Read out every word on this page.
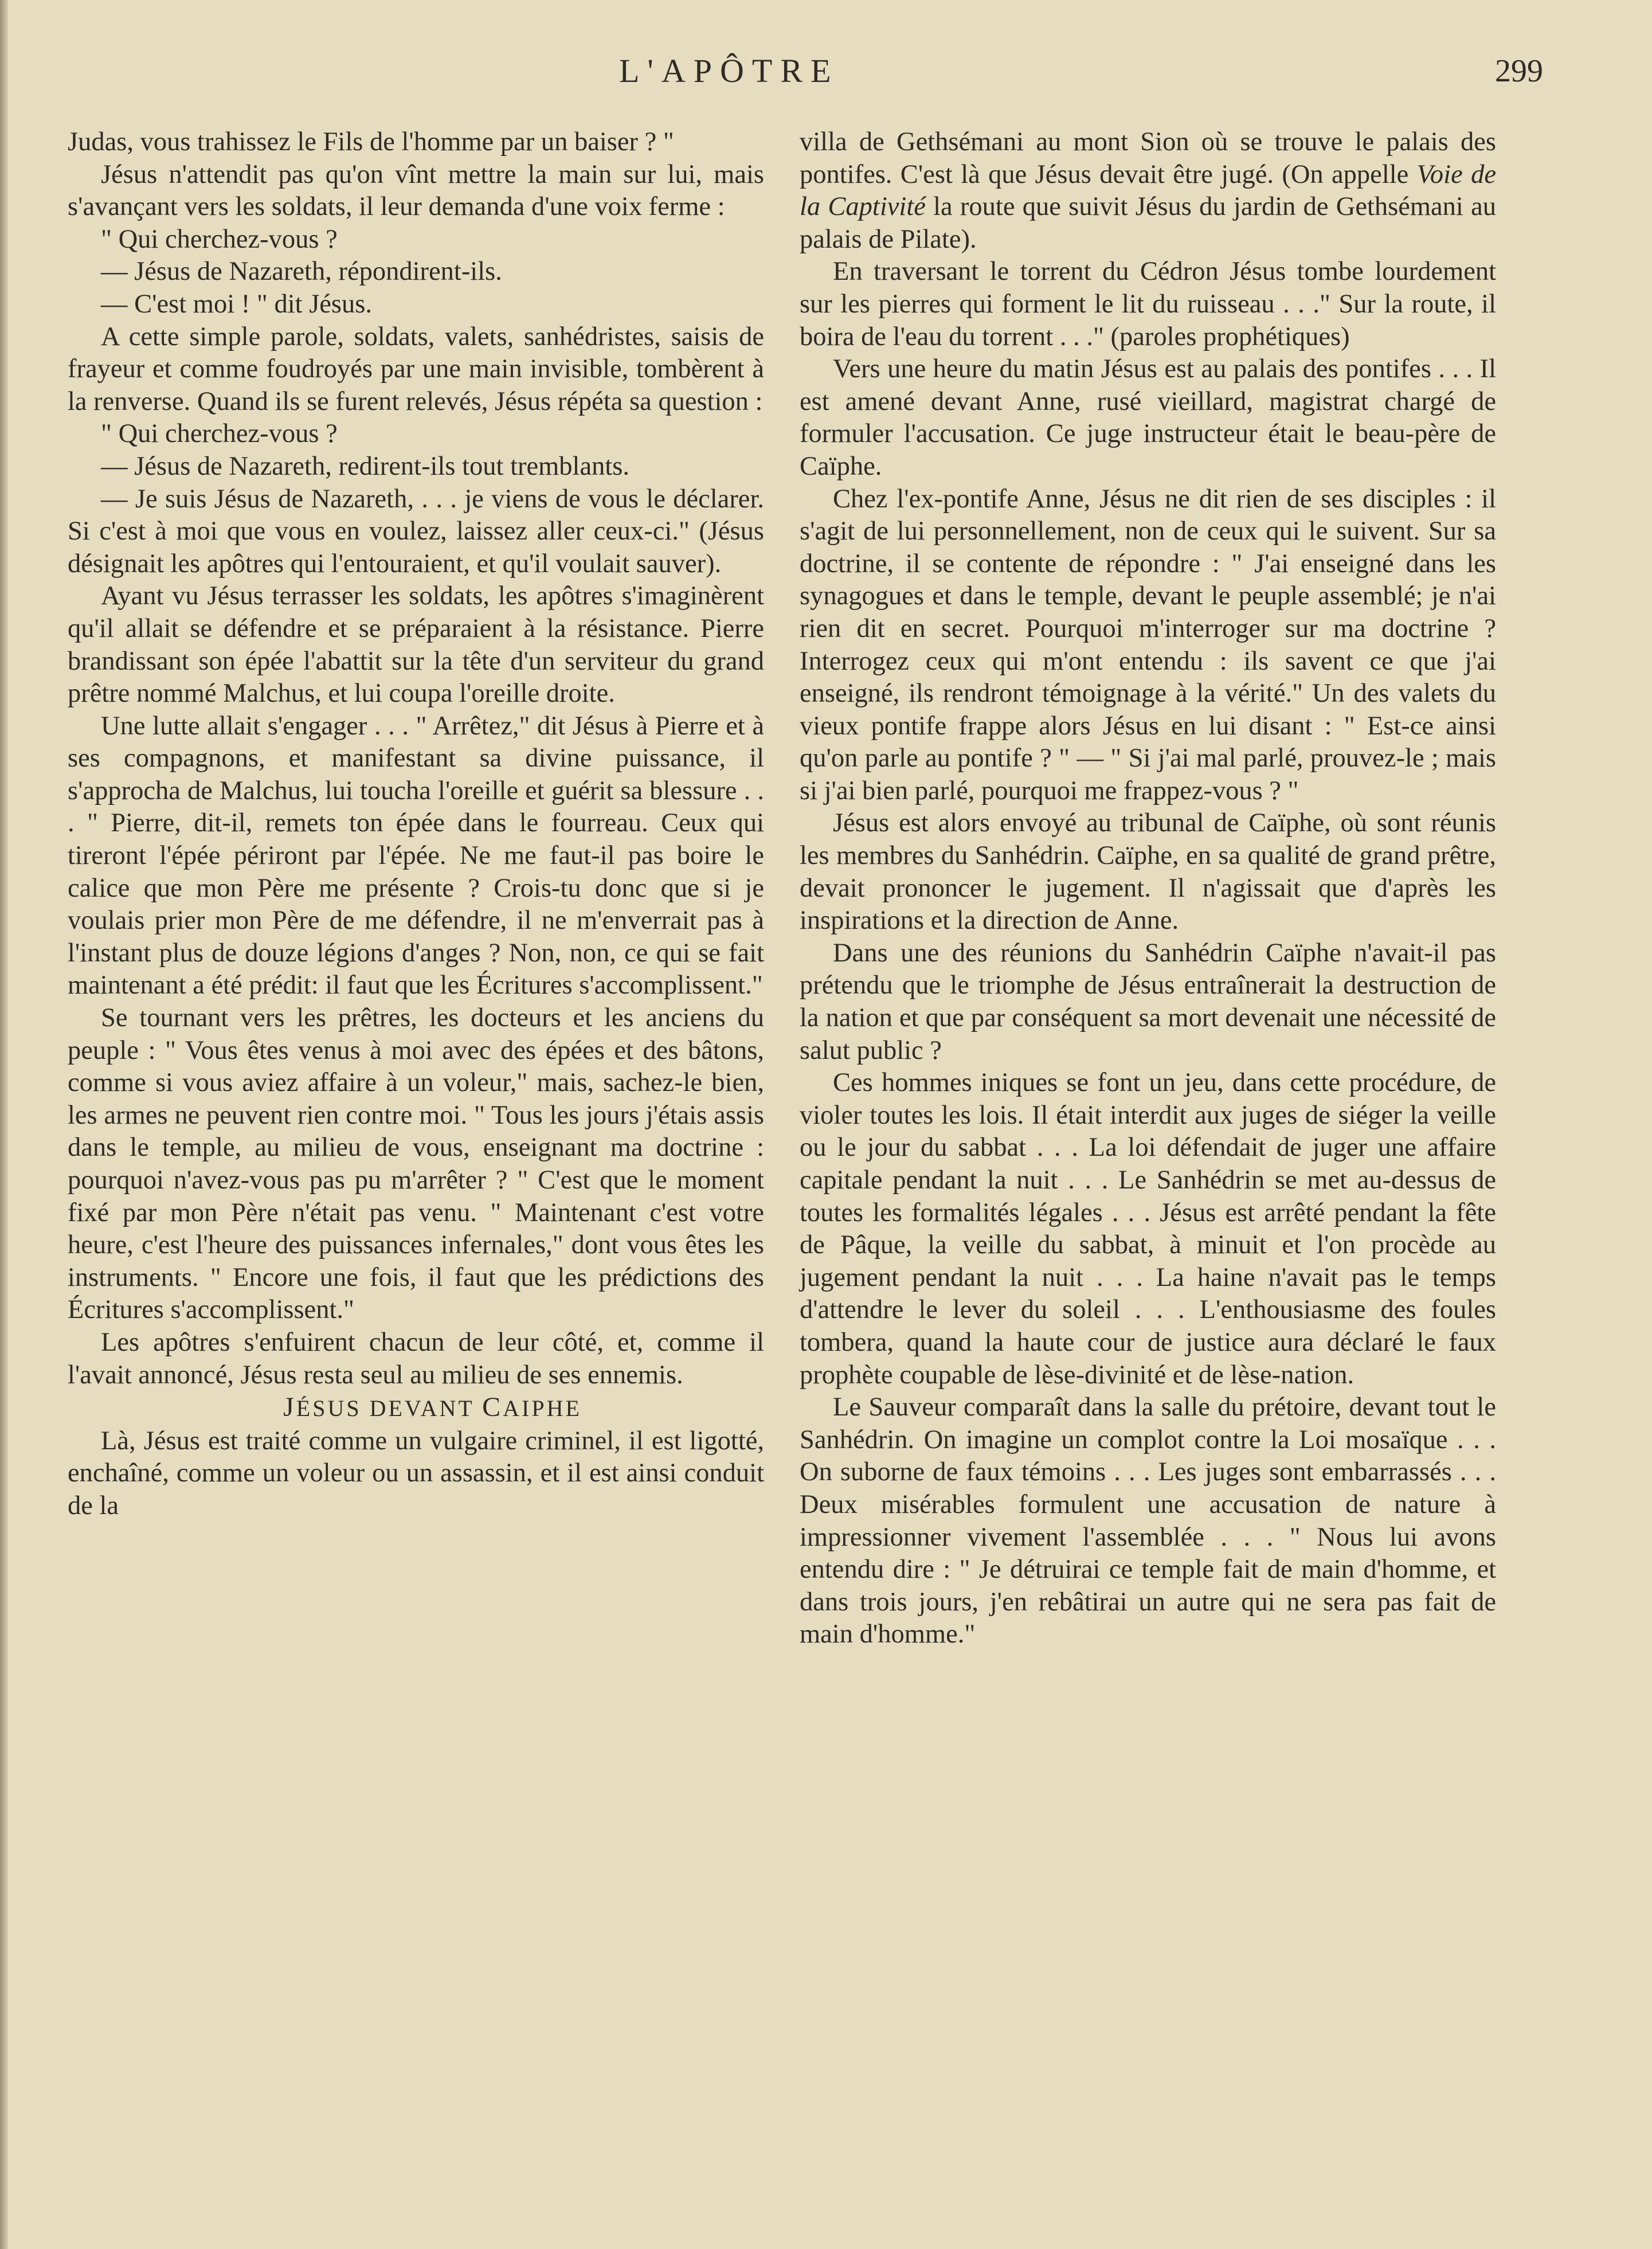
L'APÔTRE	299

Judas, vous trahissez le Fils de l'homme par un baiser ? "

Jésus n'attendit pas qu'on vînt mettre la main sur lui, mais s'avançant vers les soldats, il leur demanda d'une voix ferme :

" Qui cherchez-vous ?

— Jésus de Nazareth, répondirent-ils.

— C'est moi ! " dit Jésus.

A cette simple parole, soldats, valets, sanhédristes, saisis de frayeur et comme foudroyés par une main invisible, tombèrent à la renverse. Quand ils se furent relevés, Jésus répéta sa question :

" Qui cherchez-vous ?

— Jésus de Nazareth, redirent-ils tout tremblants.

— Je suis Jésus de Nazareth, . . . je viens de vous le déclarer. Si c'est à moi que vous en voulez, laissez aller ceux-ci." (Jésus désignait les apôtres qui l'entouraient, et qu'il voulait sauver).

Ayant vu Jésus terrasser les soldats, les apôtres s'imaginèrent qu'il allait se défendre et se préparaient à la résistance. Pierre brandissant son épée l'abattit sur la tête d'un serviteur du grand prêtre nommé Malchus, et lui coupa l'oreille droite.

Une lutte allait s'engager . . . " Arrêtez," dit Jésus à Pierre et à ses compagnons, et manifestant sa divine puissance, il s'approcha de Malchus, lui toucha l'oreille et guérit sa blessure . . . " Pierre, dit-il, remets ton épée dans le fourreau. Ceux qui tireront l'épée périront par l'épée. Ne me faut-il pas boire le calice que mon Père me présente ? Crois-tu donc que si je voulais prier mon Père de me défendre, il ne m'enverrait pas à l'instant plus de douze légions d'anges ? Non, non, ce qui se fait maintenant a été prédit: il faut que les Écritures s'accomplissent."

Se tournant vers les prêtres, les docteurs et les anciens du peuple : " Vous êtes venus à moi avec des épées et des bâtons, comme si vous aviez affaire à un voleur," mais, sachez-le bien, les armes ne peuvent rien contre moi. " Tous les jours j'étais assis dans le temple, au milieu de vous, enseignant ma doctrine : pourquoi n'avez-vous pas pu m'arrêter ? " C'est que le moment fixé par mon Père n'était pas venu. " Maintenant c'est votre heure, c'est l'heure des puissances infernales," dont vous êtes les instruments. " Encore une fois, il faut que les prédictions des Écritures s'accomplissent."

Les apôtres s'enfuirent chacun de leur côté, et, comme il l'avait annoncé, Jésus resta seul au milieu de ses ennemis.

JÉSUS DEVANT CAIPHE

Là, Jésus est traité comme un vulgaire criminel, il est ligotté, enchaîné, comme un voleur ou un assassin, et il est ainsi conduit de la

villa de Gethsémani au mont Sion où se trouve le palais des pontifes. C'est là que Jésus devait être jugé. (On appelle Voie de la Captivité la route que suivit Jésus du jardin de Gethsémani au palais de Pilate).

En traversant le torrent du Cédron Jésus tombe lourdement sur les pierres qui forment le lit du ruisseau . . ." Sur la route, il boira de l'eau du torrent . . ." (paroles prophétiques)

Vers une heure du matin Jésus est au palais des pontifes . . . Il est amené devant Anne, rusé vieillard, magistrat chargé de formuler l'accusation. Ce juge instructeur était le beau-père de Caïphe.

Chez l'ex-pontife Anne, Jésus ne dit rien de ses disciples : il s'agit de lui personnellement, non de ceux qui le suivent. Sur sa doctrine, il se contente de répondre : " J'ai enseigné dans les synagogues et dans le temple, devant le peuple assemblé; je n'ai rien dit en secret. Pourquoi m'interroger sur ma doctrine ? Interrogez ceux qui m'ont entendu : ils savent ce que j'ai enseigné, ils rendront témoignage à la vérité." Un des valets du vieux pontife frappe alors Jésus en lui disant : " Est-ce ainsi qu'on parle au pontife ? " — " Si j'ai mal parlé, prouvez-le ; mais si j'ai bien parlé, pourquoi me frappez-vous ? "

Jésus est alors envoyé au tribunal de Caïphe, où sont réunis les membres du Sanhédrin. Caïphe, en sa qualité de grand prêtre, devait prononcer le jugement. Il n'agissait que d'après les inspirations et la direction de Anne.

Dans une des réunions du Sanhédrin Caïphe n'avait-il pas prétendu que le triomphe de Jésus entraînerait la destruction de la nation et que par conséquent sa mort devenait une nécessité de salut public ?

Ces hommes iniques se font un jeu, dans cette procédure, de violer toutes les lois. Il était interdit aux juges de siéger la veille ou le jour du sabbat . . . La loi défendait de juger une affaire capitale pendant la nuit . . . Le Sanhédrin se met au-dessus de toutes les formalités légales . . . Jésus est arrêté pendant la fête de Pâque, la veille du sabbat, à minuit et l'on procède au jugement pendant la nuit . . . La haine n'avait pas le temps d'attendre le lever du soleil . . . L'enthousiasme des foules tombera, quand la haute cour de justice aura déclaré le faux prophète coupable de lèse-divinité et de lèse-nation.

Le Sauveur comparaît dans la salle du prétoire, devant tout le Sanhédrin. On imagine un complot contre la Loi mosaïque . . . On suborne de faux témoins . . . Les juges sont embarrassés . . . Deux misérables formulent une accusation de nature à impressionner vivement l'assemblée . . . " Nous lui avons entendu dire : " Je détruirai ce temple fait de main d'homme, et dans trois jours, j'en rebâtirai un autre qui ne sera pas fait de main d'homme."
